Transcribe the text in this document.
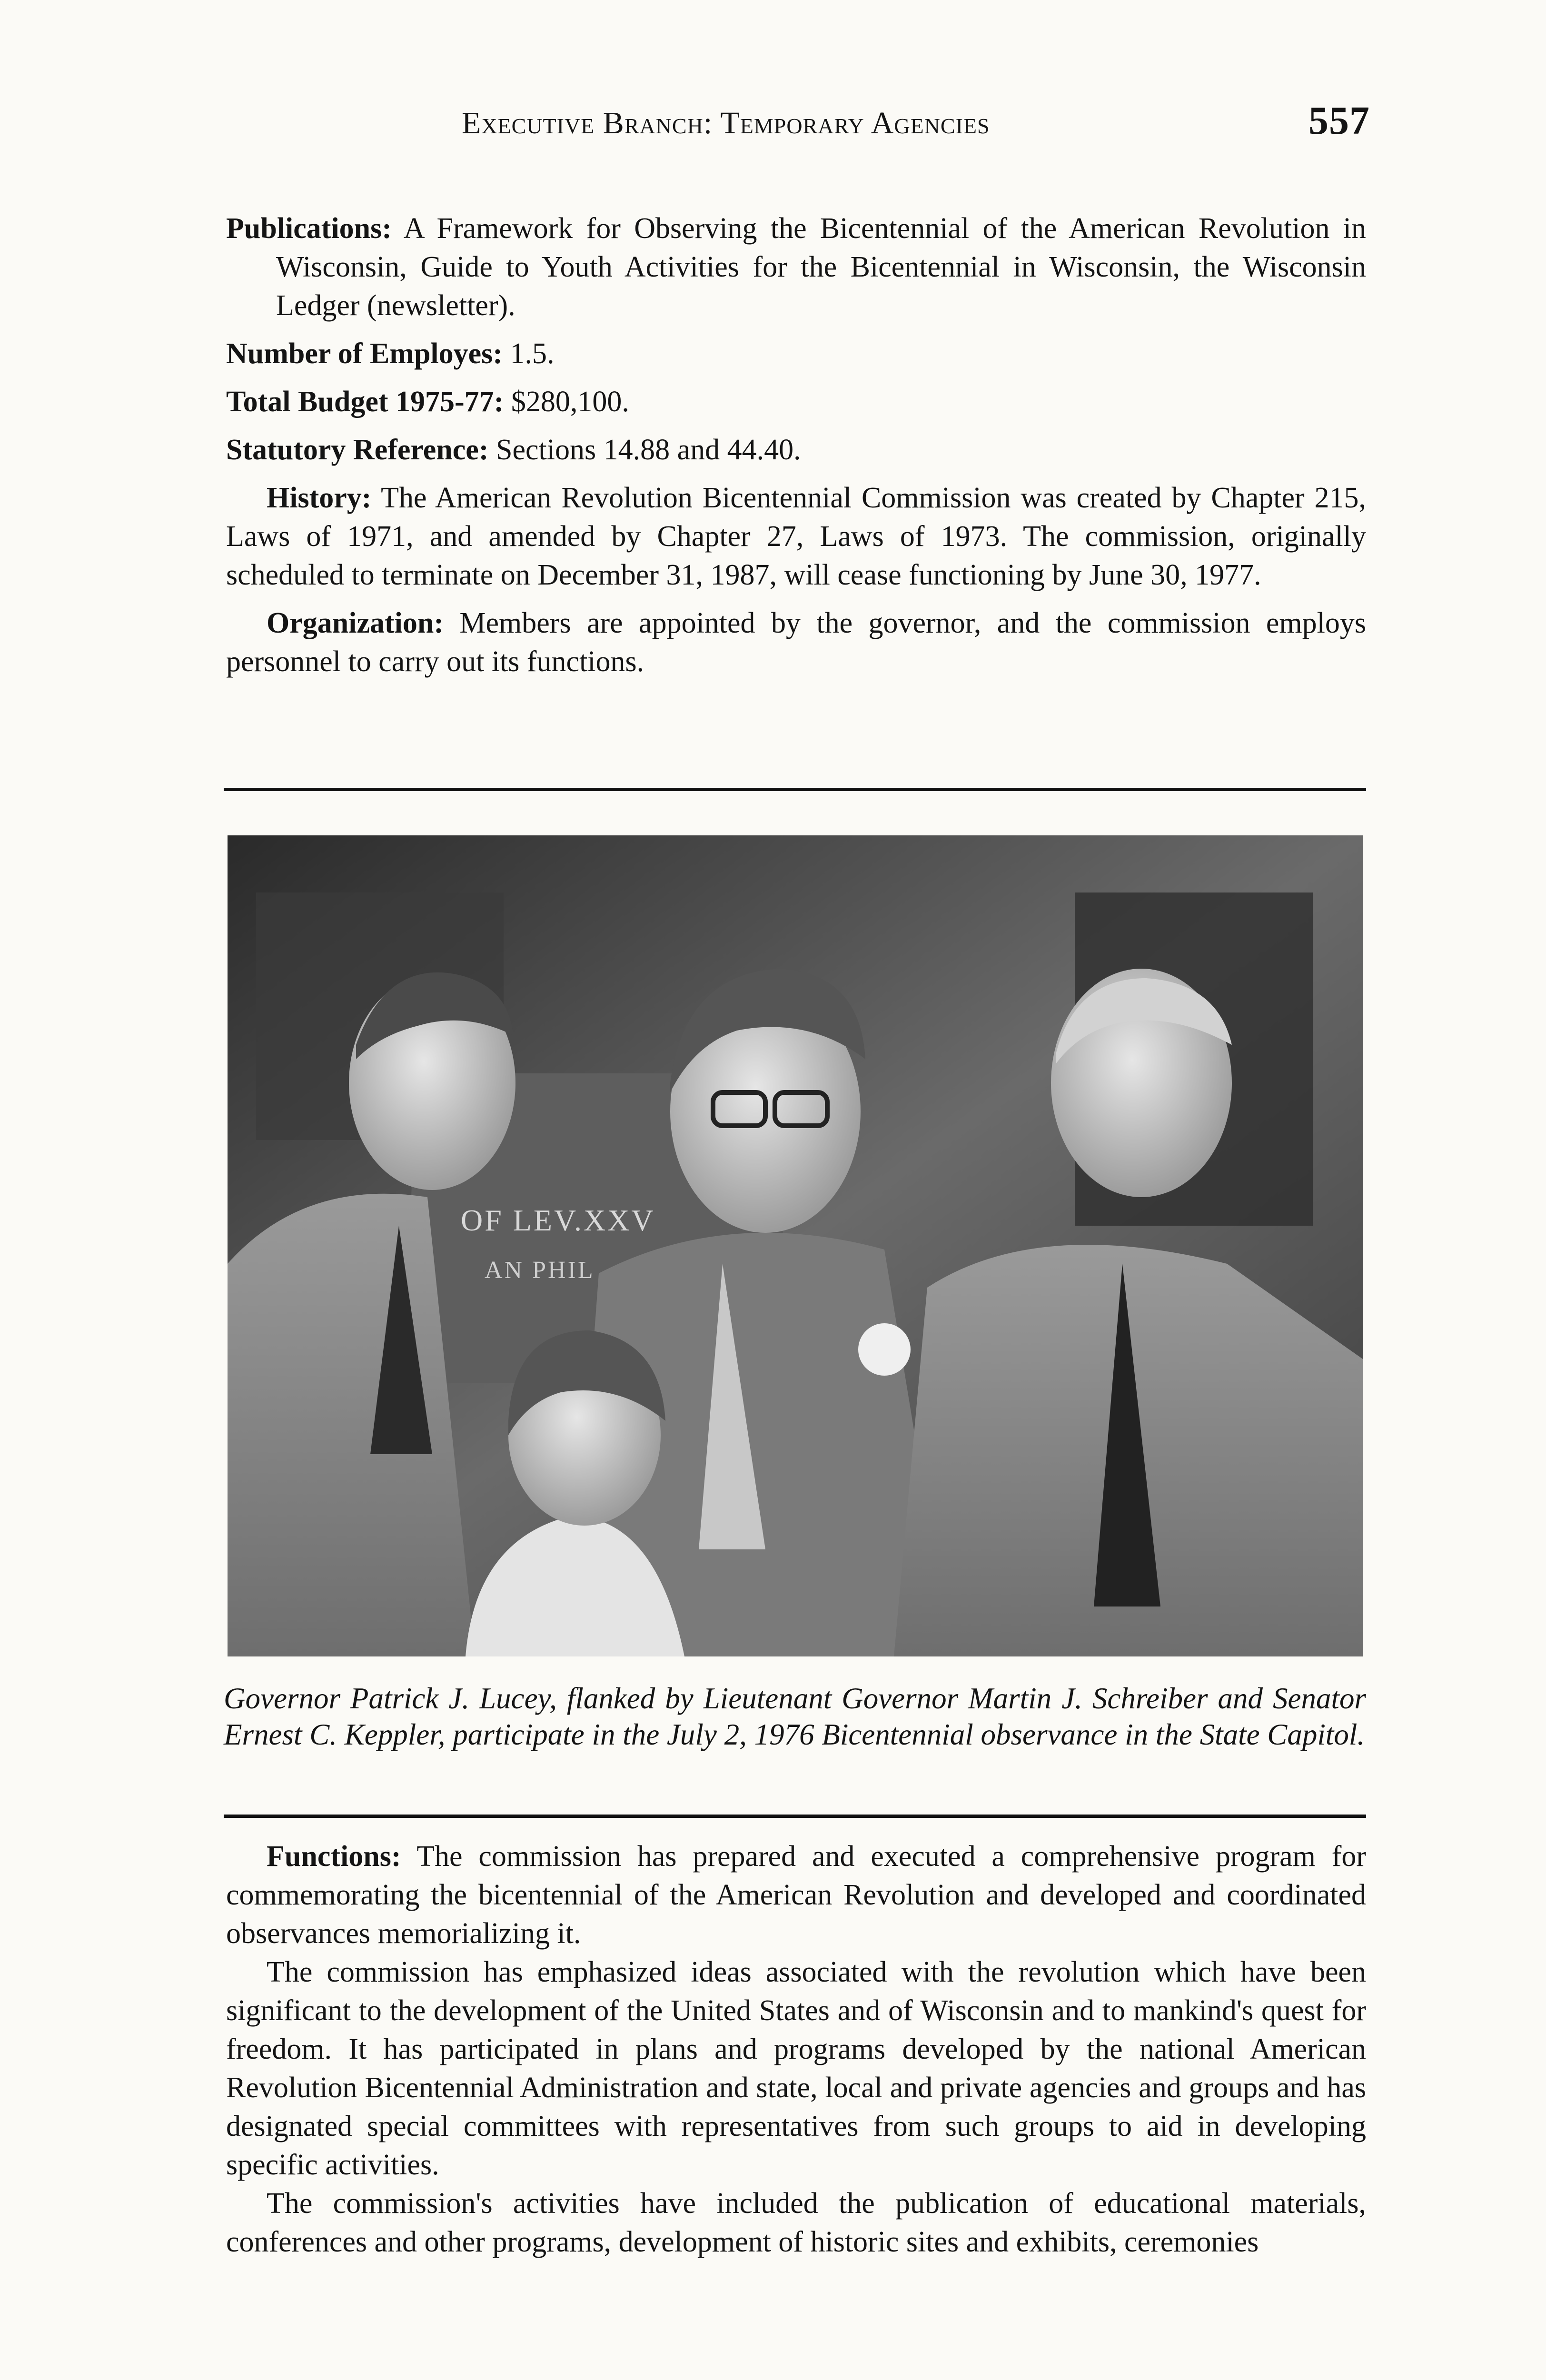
Executive Branch: Temporary Agencies	557

Publications: A Framework for Observing the Bicentennial of the American Revolution in Wisconsin, Guide to Youth Activities for the Bicentennial in Wisconsin, the Wisconsin Ledger (newsletter).

Number of Employes: 1.5.

Total Budget 1975-77: $280,100.

Statutory Reference: Sections 14.88 and 44.40.

History: The American Revolution Bicentennial Commission was created by Chapter 215, Laws of 1971, and amended by Chapter 27, Laws of 1973. The commission, originally scheduled to terminate on December 31, 1987, will cease functioning by June 30, 1977.

Organization: Members are appointed by the governor, and the commission employs personnel to carry out its functions.

OF LEV.XXV
AN PHIL

Governor Patrick J. Lucey, flanked by Lieutenant Governor Martin J. Schreiber and Senator Ernest C. Keppler, participate in the July 2, 1976 Bicentennial observance in the State Capitol.

Functions: The commission has prepared and executed a comprehensive program for commemorating the bicentennial of the American Revolution and developed and coordinated observances memorializing it.

The commission has emphasized ideas associated with the revolution which have been significant to the development of the United States and of Wisconsin and to mankind's quest for freedom. It has participated in plans and programs developed by the national American Revolution Bicentennial Administration and state, local and private agencies and groups and has designated special committees with representatives from such groups to aid in developing specific activities.

The commission's activities have included the publication of educational materials, conferences and other programs, development of historic sites and exhibits, ceremonies
